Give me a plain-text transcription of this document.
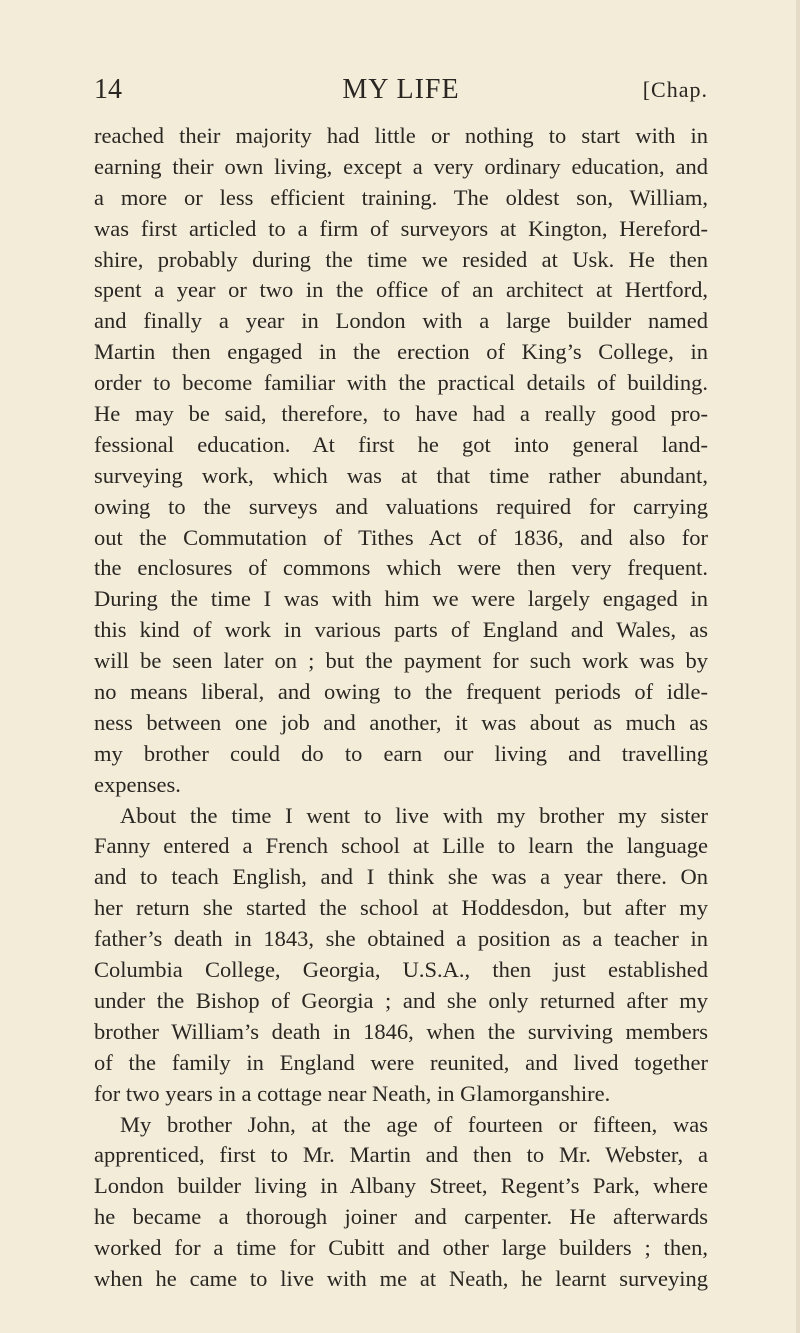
14	MY LIFE	[Chap.
reached their majority had little or nothing to start with in
earning their own living, except a very ordinary education, and
a more or less efficient training. The oldest son, William,
was first articled to a firm of surveyors at Kington, Hereford-
shire, probably during the time we resided at Usk. He then
spent a year or two in the office of an architect at Hertford,
and finally a year in London with a large builder named
Martin then engaged in the erection of King’s College, in
order to become familiar with the practical details of building.
He may be said, therefore, to have had a really good pro-
fessional education. At first he got into general land-
surveying work, which was at that time rather abundant,
owing to the surveys and valuations required for carrying
out the Commutation of Tithes Act of 1836, and also for
the enclosures of commons which were then very frequent.
During the time I was with him we were largely engaged in
this kind of work in various parts of England and Wales, as
will be seen later on ; but the payment for such work was by
no means liberal, and owing to the frequent periods of idle-
ness between one job and another, it was about as much as
my brother could do to earn our living and travelling
expenses.
About the time I went to live with my brother my sister
Fanny entered a French school at Lille to learn the language
and to teach English, and I think she was a year there. On
her return she started the school at Hoddesdon, but after my
father’s death in 1843, she obtained a position as a teacher in
Columbia College, Georgia, U.S.A., then just established
under the Bishop of Georgia ; and she only returned after my
brother William’s death in 1846, when the surviving members
of the family in England were reunited, and lived together
for two years in a cottage near Neath, in Glamorganshire.
My brother John, at the age of fourteen or fifteen, was
apprenticed, first to Mr. Martin and then to Mr. Webster, a
London builder living in Albany Street, Regent’s Park, where
he became a thorough joiner and carpenter. He afterwards
worked for a time for Cubitt and other large builders ; then,
when he came to live with me at Neath, he learnt surveying
